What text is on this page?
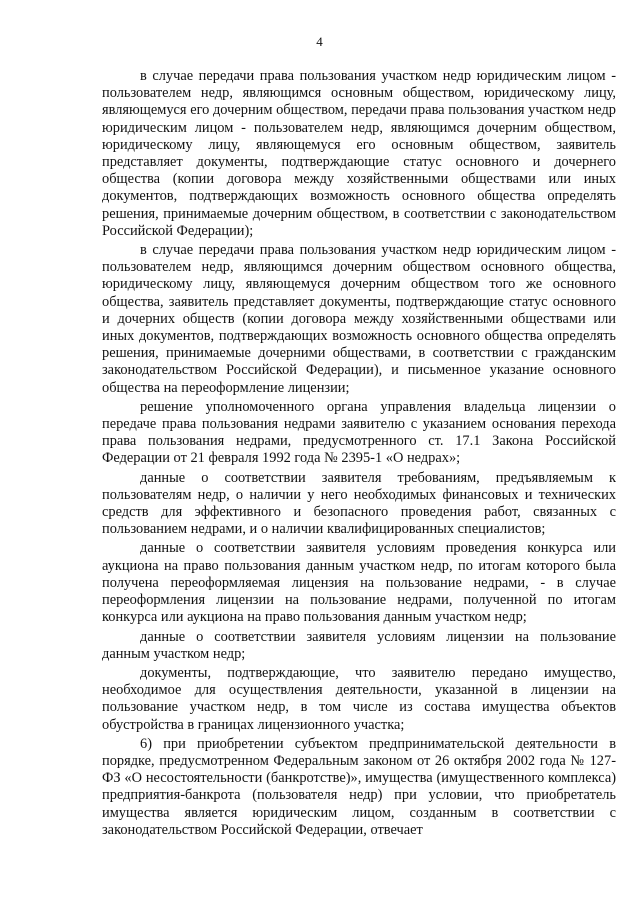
4

в случае передачи права пользования участком недр юридическим лицом - пользователем недр, являющимся основным обществом, юридическому лицу, являющемуся его дочерним обществом, передачи права пользования участком недр юридическим лицом - пользователем недр, являющимся дочерним обществом, юридическому лицу, являющемуся его основным обществом, заявитель представляет документы, подтверждающие статус основного и дочернего общества (копии договора между хозяйственными обществами или иных документов, подтверждающих возможность основного общества определять решения, принимаемые дочерним обществом, в соответствии с законодательством Российской Федерации);

в случае передачи права пользования участком недр юридическим лицом - пользователем недр, являющимся дочерним обществом основного общества, юридическому лицу, являющемуся дочерним обществом того же основного общества, заявитель представляет документы, подтверждающие статус основного и дочерних обществ (копии договора между хозяйственными обществами или иных документов, подтверждающих возможность основного общества определять решения, принимаемые дочерними обществами, в соответствии с гражданским законодательством Российской Федерации), и письменное указание основного общества на переоформление лицензии;

решение уполномоченного органа управления владельца лицензии о передаче права пользования недрами заявителю с указанием основания перехода права пользования недрами, предусмотренного ст. 17.1 Закона Российской Федерации от 21 февраля 1992 года № 2395-1 «О недрах»;

данные о соответствии заявителя требованиям, предъявляемым к пользователям недр, о наличии у него необходимых финансовых и технических средств для эффективного и безопасного проведения работ, связанных с пользованием недрами, и о наличии квалифицированных специалистов;

данные о соответствии заявителя условиям проведения конкурса или аукциона на право пользования данным участком недр, по итогам которого была получена переоформляемая лицензия на пользование недрами, - в случае переоформления лицензии на пользование недрами, полученной по итогам конкурса или аукциона на право пользования данным участком недр;

данные о соответствии заявителя условиям лицензии на пользование данным участком недр;

документы, подтверждающие, что заявителю передано имущество, необходимое для осуществления деятельности, указанной в лицензии на пользование участком недр, в том числе из состава имущества объектов обустройства в границах лицензионного участка;

6) при приобретении субъектом предпринимательской деятельности в порядке, предусмотренном Федеральным законом от 26 октября 2002 года № 127-ФЗ «О несостоятельности (банкротстве)», имущества (имущественного комплекса) предприятия-банкрота (пользователя недр) при условии, что приобретатель имущества является юридическим лицом, созданным в соответствии с законодательством Российской Федерации, отвечает
